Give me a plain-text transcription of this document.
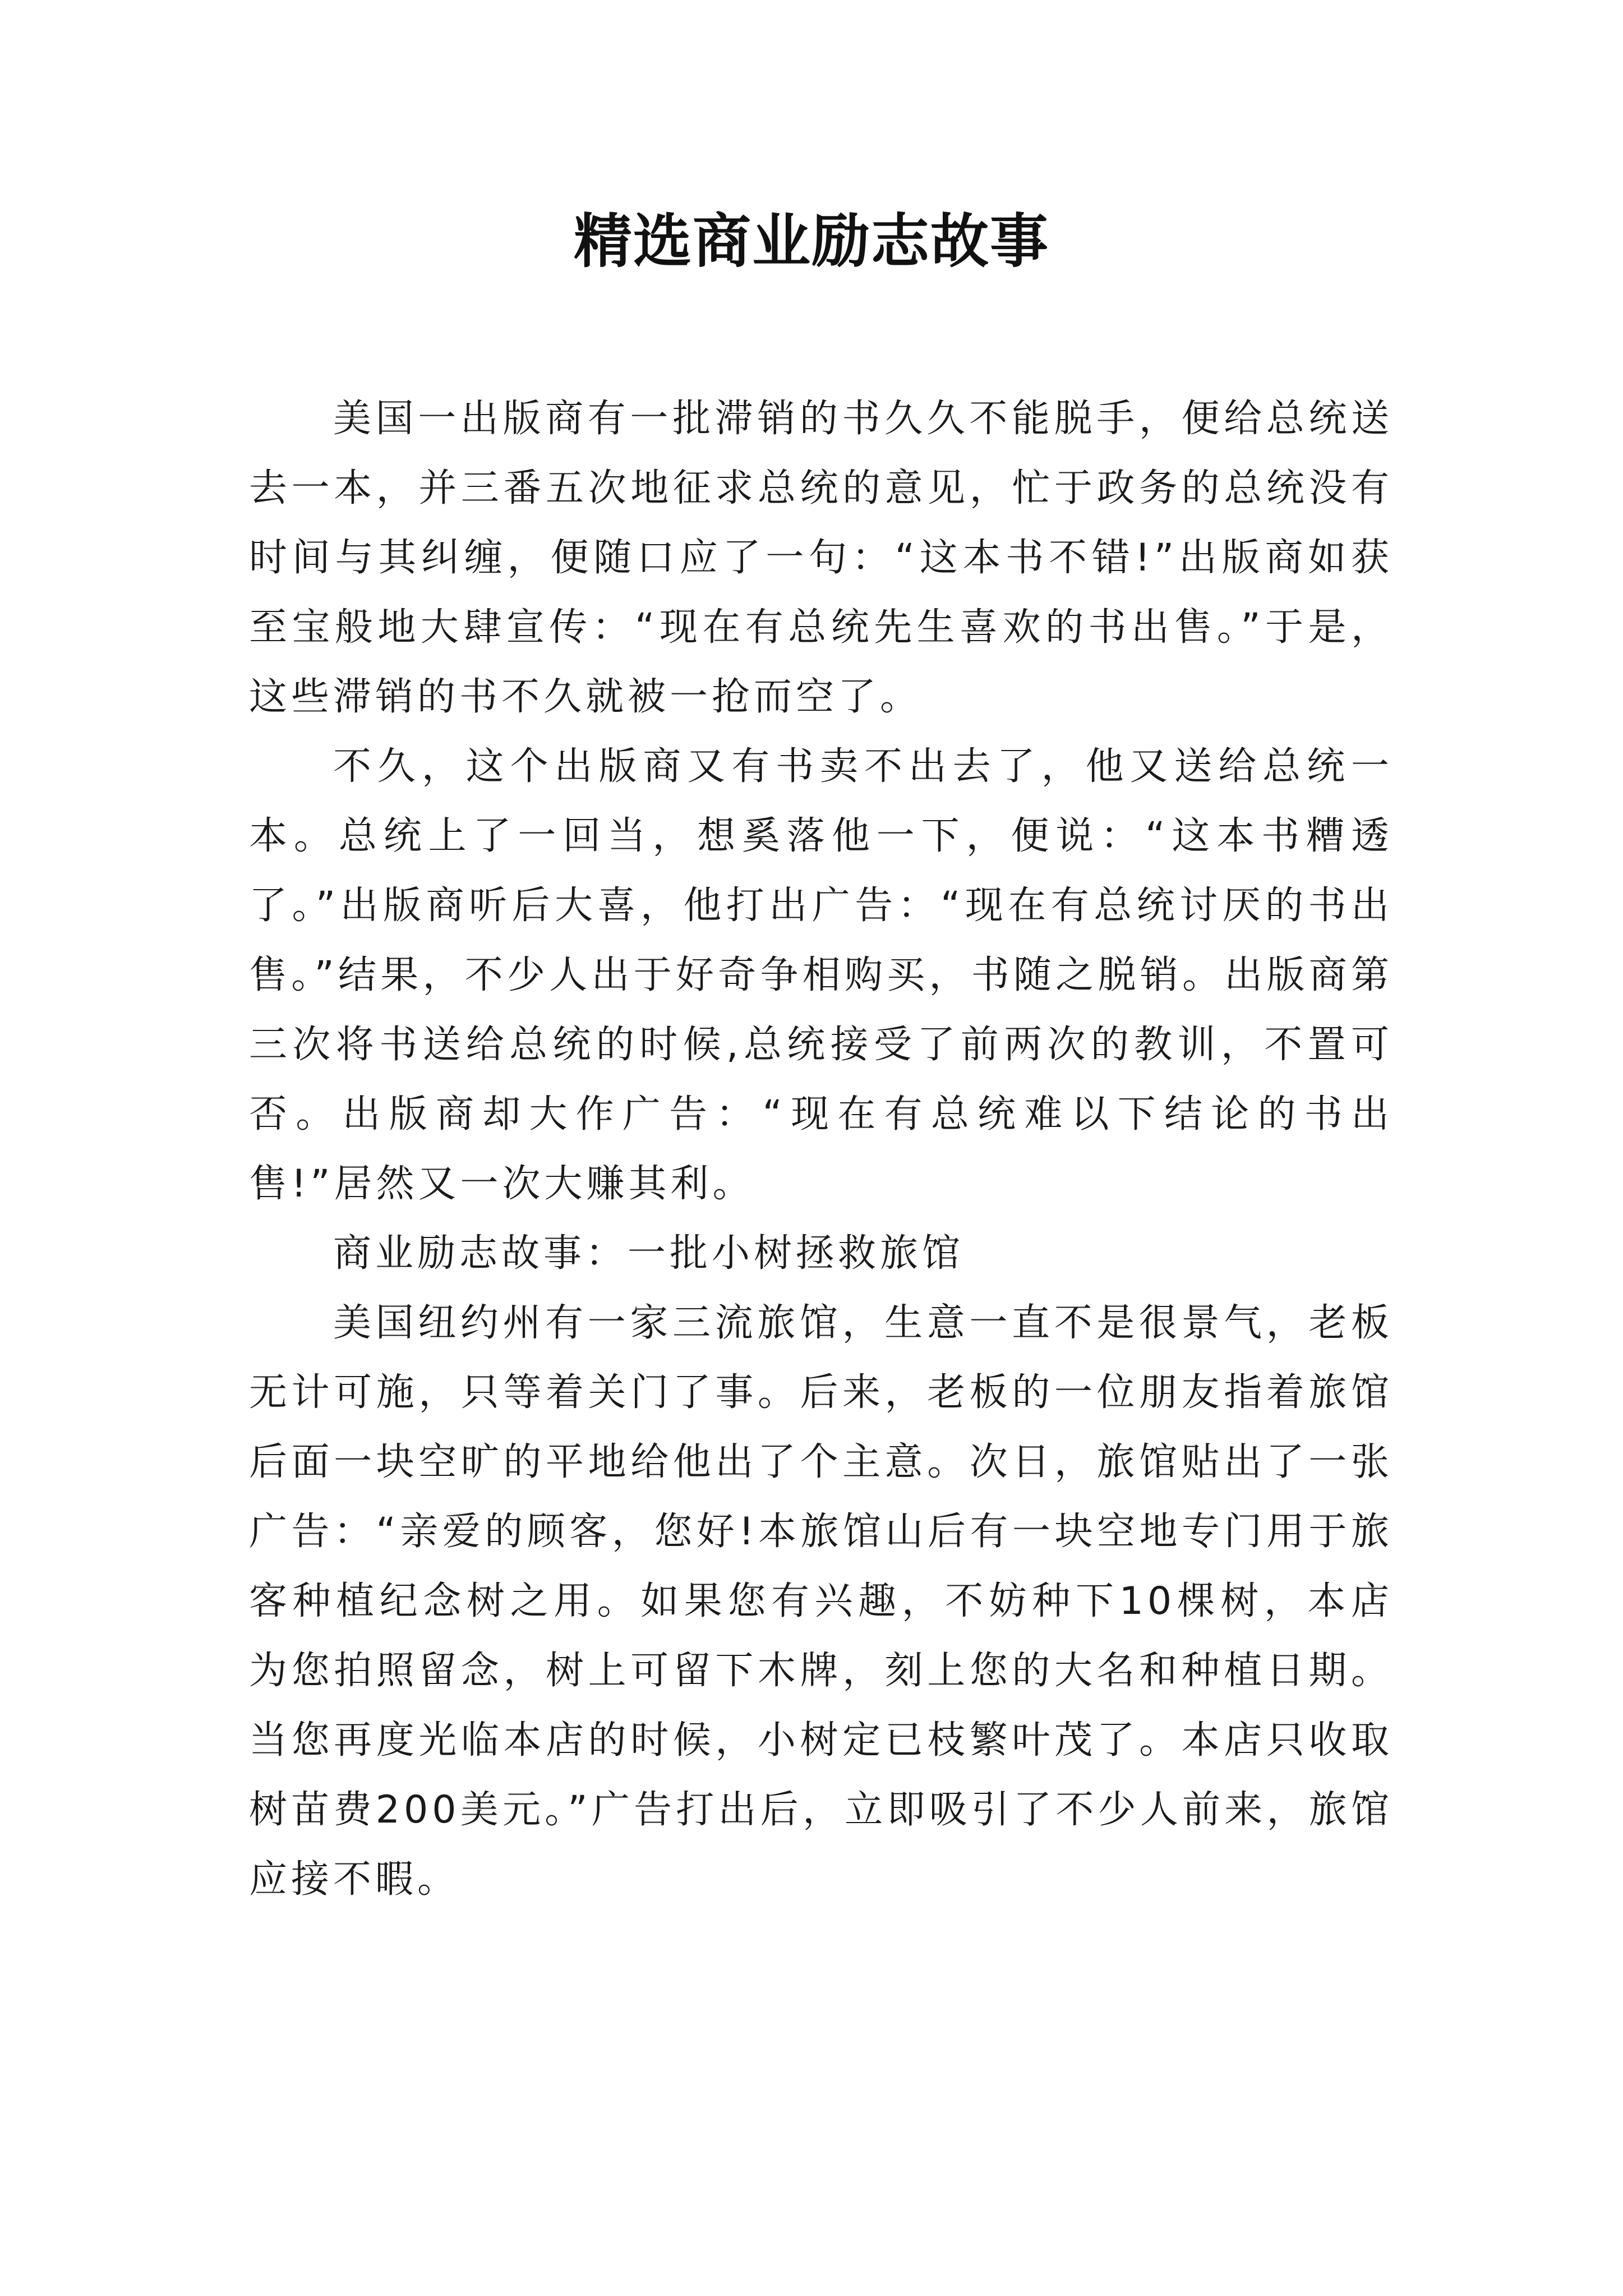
精选商业励志故事

美国一出版商有一批滞销的书久久不能脱手，便给总统送去一本，并三番五次地征求总统的意见，忙于政务的总统没有时间与其纠缠，便随口应了一句：“这本书不错!”出版商如获至宝般地大肆宣传：“现在有总统先生喜欢的书出售。”于是，这些滞销的书不久就被一抢而空了。

不久，这个出版商又有书卖不出去了，他又送给总统一本。总统上了一回当，想奚落他一下，便说：“这本书糟透了。”出版商听后大喜，他打出广告：“现在有总统讨厌的书出售。”结果，不少人出于好奇争相购买，书随之脱销。出版商第三次将书送给总统的时候,总统接受了前两次的教训，不置可否。出版商却大作广告：“现在有总统难以下结论的书出售!”居然又一次大赚其利。

商业励志故事：一批小树拯救旅馆

美国纽约州有一家三流旅馆，生意一直不是很景气，老板无计可施，只等着关门了事。后来，老板的一位朋友指着旅馆后面一块空旷的平地给他出了个主意。次日，旅馆贴出了一张广告：“亲爱的顾客，您好!本旅馆山后有一块空地专门用于旅客种植纪念树之用。如果您有兴趣，不妨种下10棵树，本店为您拍照留念，树上可留下木牌，刻上您的大名和种植日期。当您再度光临本店的时候，小树定已枝繁叶茂了。本店只收取树苗费200美元。”广告打出后，立即吸引了不少人前来，旅馆应接不暇。
